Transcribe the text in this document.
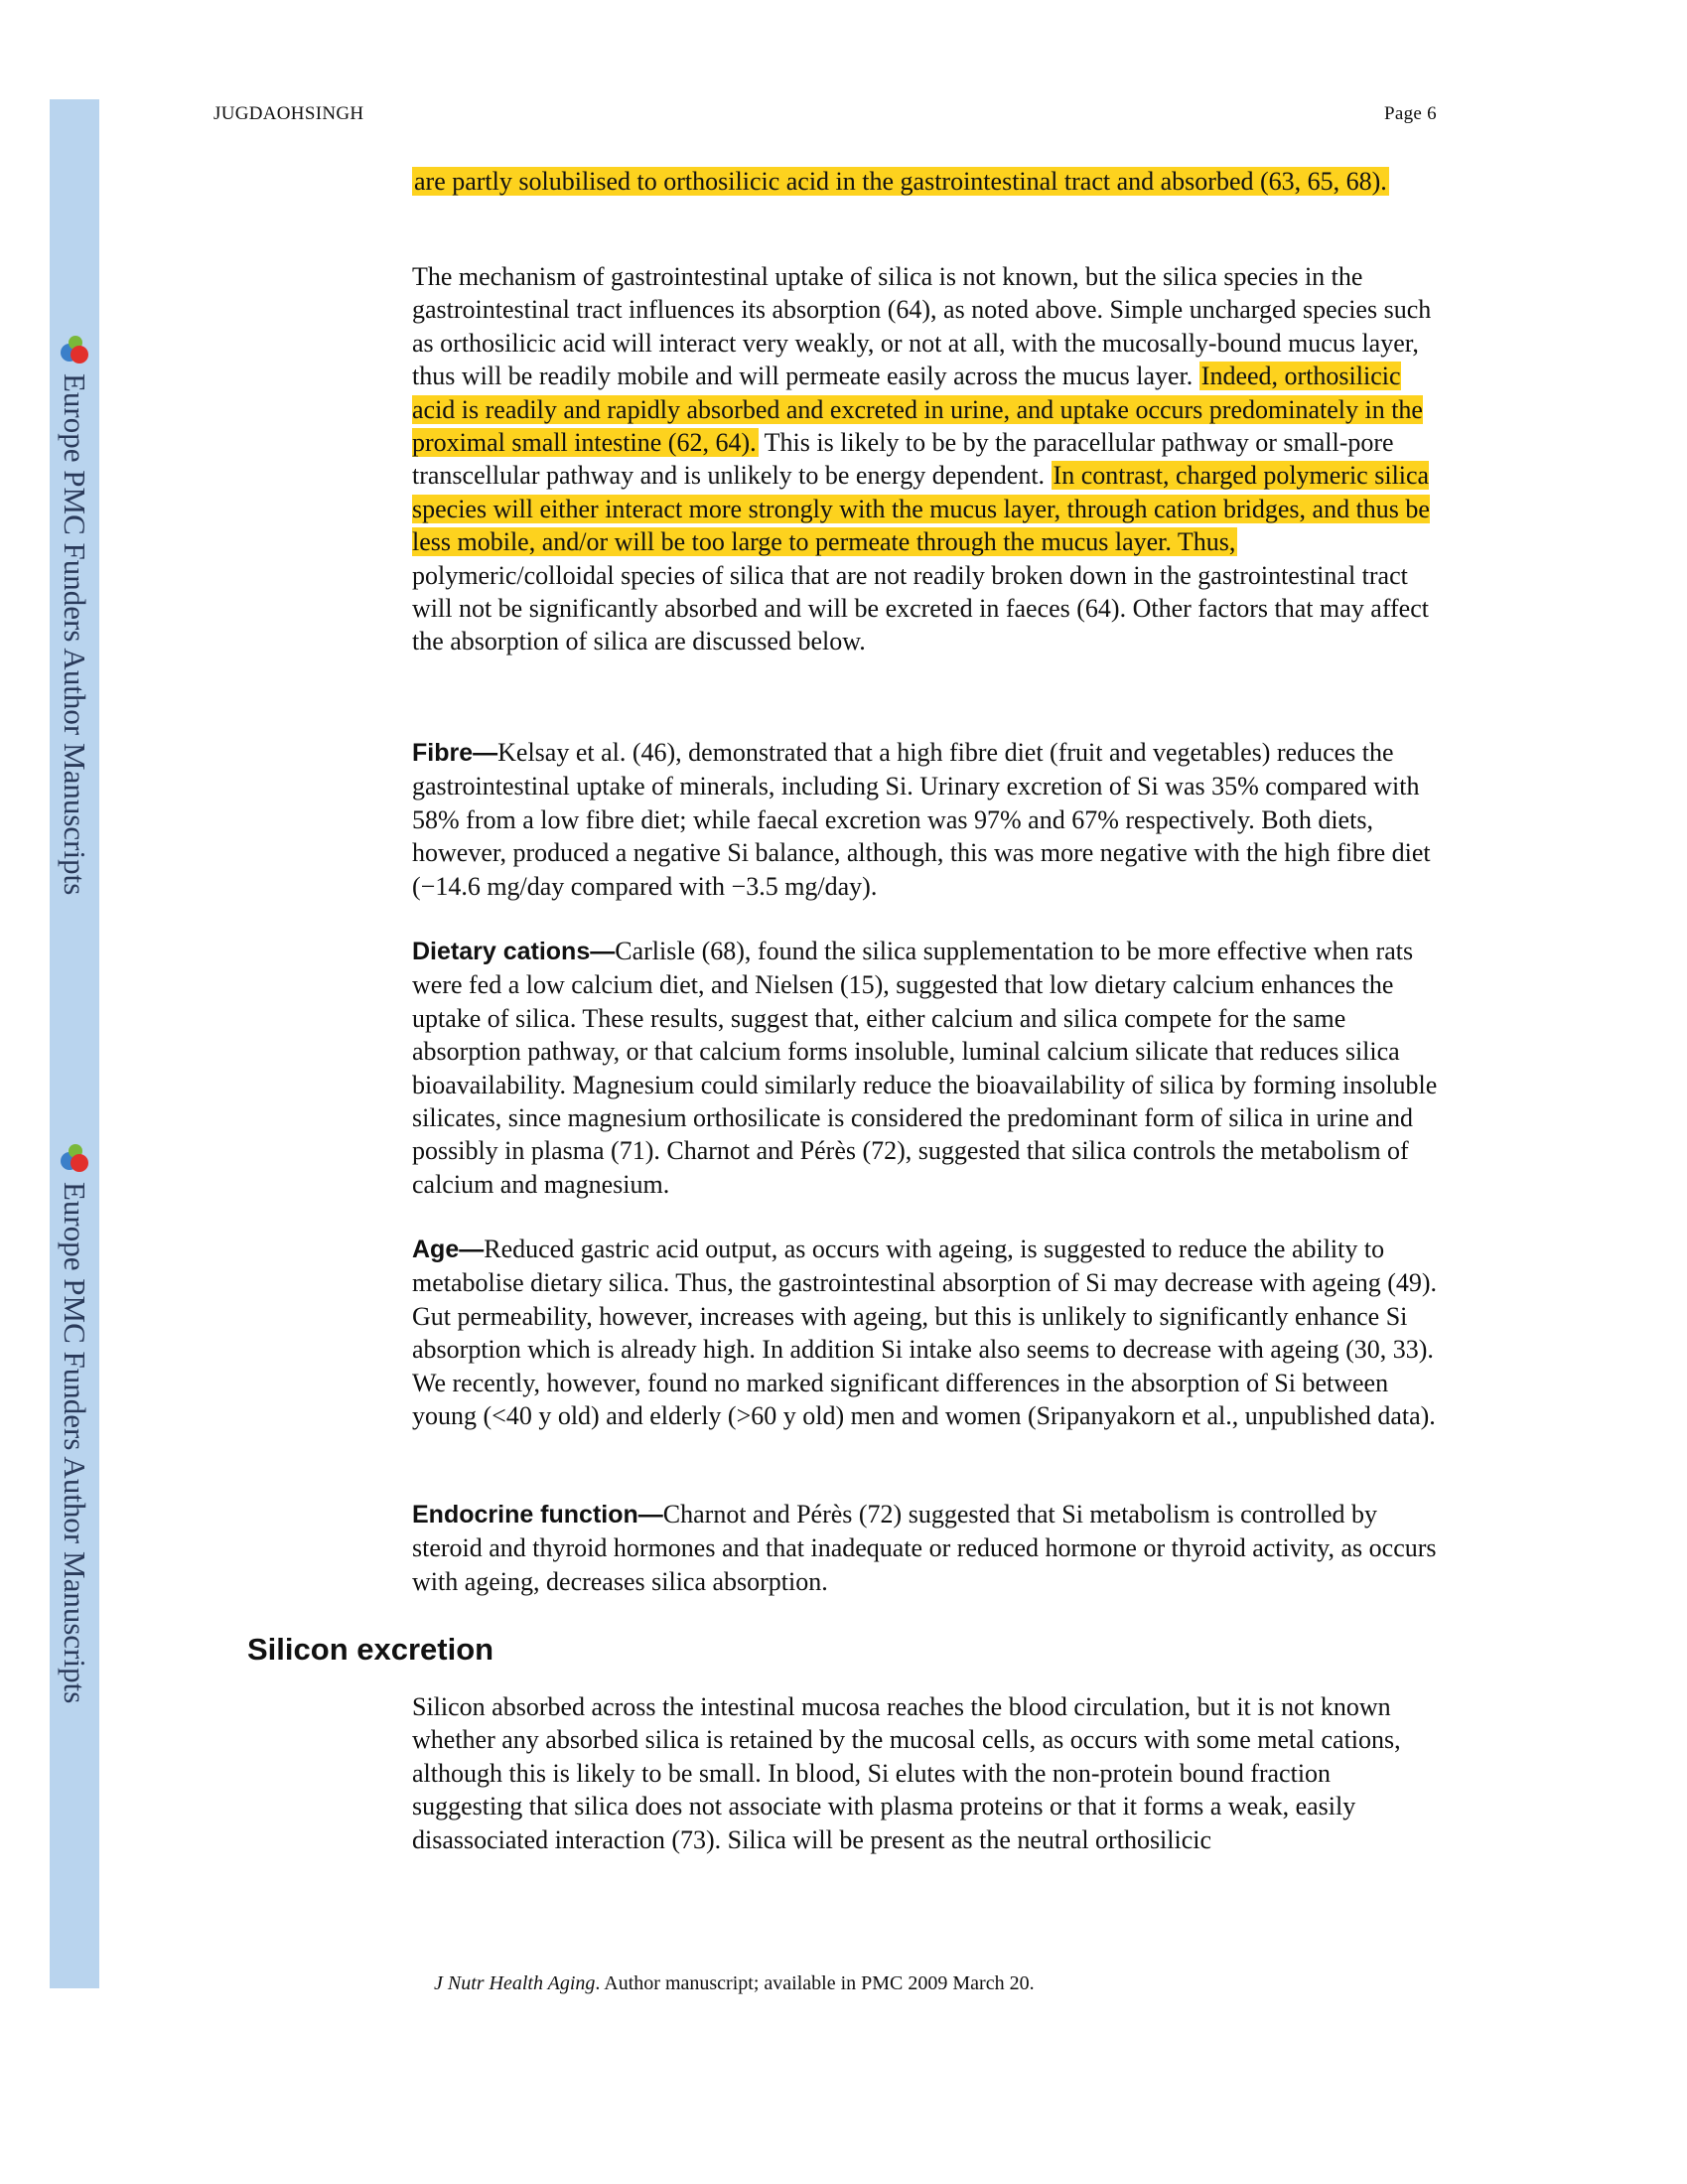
Europe PMC Funders Author Manuscripts
Europe PMC Funders Author Manuscripts
JUGDAOHSINGH	Page 6

are partly solubilised to orthosilicic acid in the gastrointestinal tract and absorbed (63, 65, 68).

The mechanism of gastrointestinal uptake of silica is not known, but the silica species in the gastrointestinal tract influences its absorption (64), as noted above. Simple uncharged species such as orthosilicic acid will interact very weakly, or not at all, with the mucosally-bound mucus layer, thus will be readily mobile and will permeate easily across the mucus layer. Indeed, orthosilicic acid is readily and rapidly absorbed and excreted in urine, and uptake occurs predominately in the proximal small intestine (62, 64). This is likely to be by the paracellular pathway or small-pore transcellular pathway and is unlikely to be energy dependent. In contrast, charged polymeric silica species will either interact more strongly with the mucus layer, through cation bridges, and thus be less mobile, and/or will be too large to permeate through the mucus layer. Thus, polymeric/colloidal species of silica that are not readily broken down in the gastrointestinal tract will not be significantly absorbed and will be excreted in faeces (64). Other factors that may affect the absorption of silica are discussed below.

Fibre—Kelsay et al. (46), demonstrated that a high fibre diet (fruit and vegetables) reduces the gastrointestinal uptake of minerals, including Si. Urinary excretion of Si was 35% compared with 58% from a low fibre diet; while faecal excretion was 97% and 67% respectively. Both diets, however, produced a negative Si balance, although, this was more negative with the high fibre diet (−14.6 mg/day compared with −3.5 mg/day).

Dietary cations—Carlisle (68), found the silica supplementation to be more effective when rats were fed a low calcium diet, and Nielsen (15), suggested that low dietary calcium enhances the uptake of silica. These results, suggest that, either calcium and silica compete for the same absorption pathway, or that calcium forms insoluble, luminal calcium silicate that reduces silica bioavailability. Magnesium could similarly reduce the bioavailability of silica by forming insoluble silicates, since magnesium orthosilicate is considered the predominant form of silica in urine and possibly in plasma (71). Charnot and Pérès (72), suggested that silica controls the metabolism of calcium and magnesium.

Age—Reduced gastric acid output, as occurs with ageing, is suggested to reduce the ability to metabolise dietary silica. Thus, the gastrointestinal absorption of Si may decrease with ageing (49). Gut permeability, however, increases with ageing, but this is unlikely to significantly enhance Si absorption which is already high. In addition Si intake also seems to decrease with ageing (30, 33). We recently, however, found no marked significant differences in the absorption of Si between young (<40 y old) and elderly (>60 y old) men and women (Sripanyakorn et al., unpublished data).

Endocrine function—Charnot and Pérès (72) suggested that Si metabolism is controlled by steroid and thyroid hormones and that inadequate or reduced hormone or thyroid activity, as occurs with ageing, decreases silica absorption.

Silicon excretion

Silicon absorbed across the intestinal mucosa reaches the blood circulation, but it is not known whether any absorbed silica is retained by the mucosal cells, as occurs with some metal cations, although this is likely to be small. In blood, Si elutes with the non-protein bound fraction suggesting that silica does not associate with plasma proteins or that it forms a weak, easily disassociated interaction (73). Silica will be present as the neutral orthosilicic

J Nutr Health Aging. Author manuscript; available in PMC 2009 March 20.
